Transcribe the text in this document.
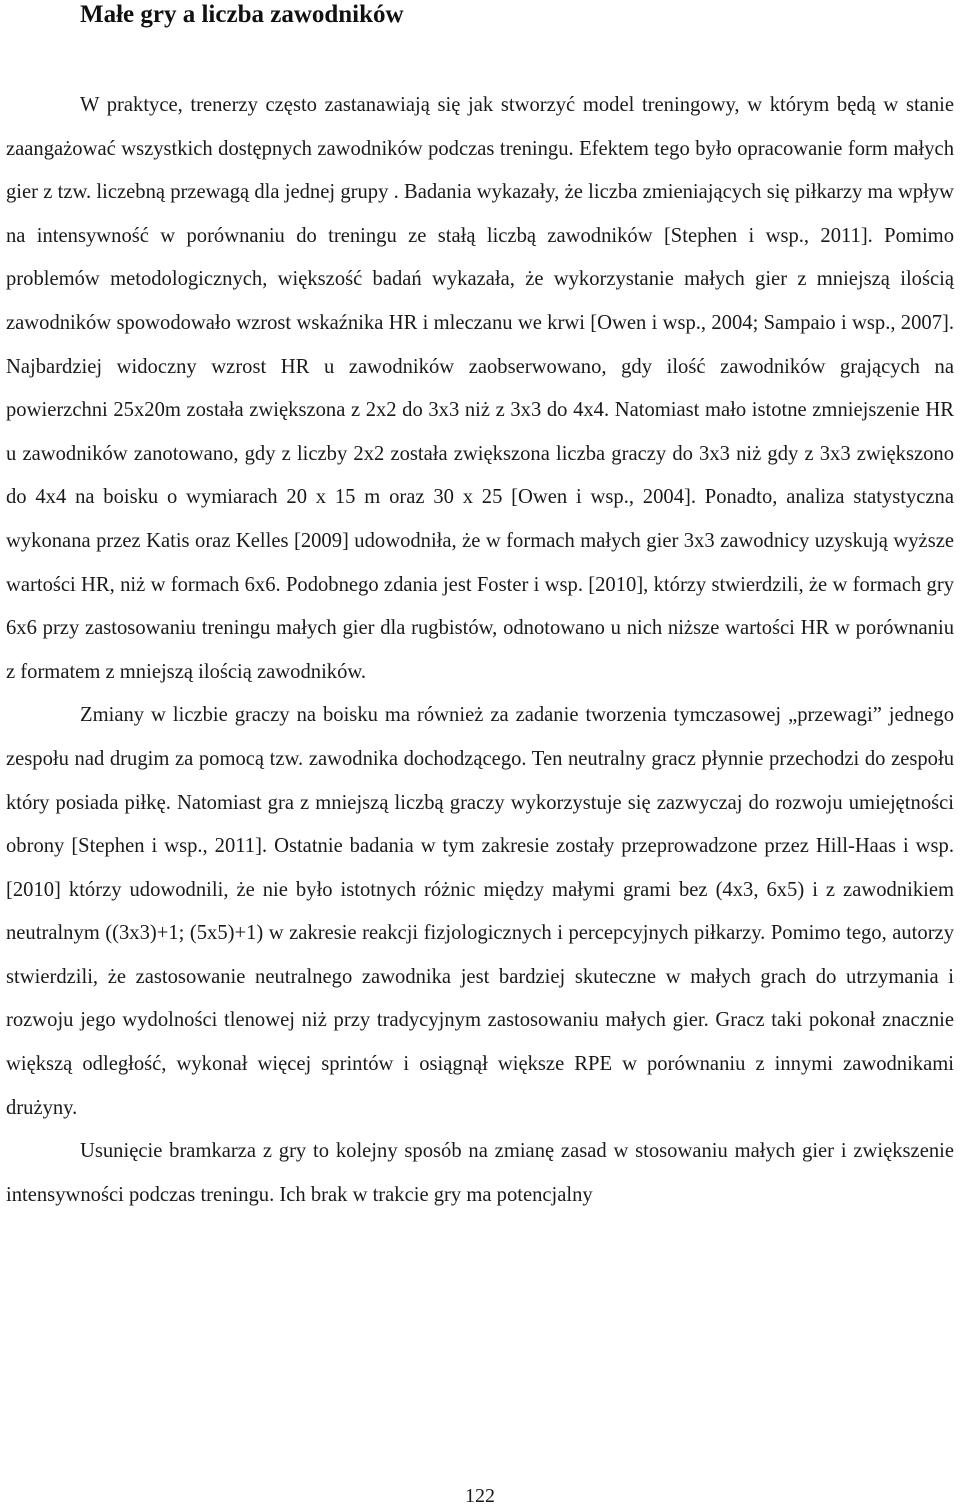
Małe gry a liczba zawodników

W praktyce, trenerzy często zastanawiają się jak stworzyć model treningowy, w którym będą w stanie zaangażować wszystkich dostępnych zawodników podczas treningu. Efektem tego było opracowanie form małych gier z tzw. liczebną przewagą dla jednej grupy . Badania wykazały, że liczba zmieniających się piłkarzy ma wpływ na intensywność w porównaniu do treningu ze stałą liczbą zawodników [Stephen i wsp., 2011]. Pomimo problemów metodologicznych, większość badań wykazała, że wykorzystanie małych gier z mniejszą ilością zawodników spowodowało wzrost wskaźnika HR i mleczanu we krwi [Owen i wsp., 2004; Sampaio i wsp., 2007]. Najbardziej widoczny wzrost HR u zawodników zaobserwowano, gdy ilość zawodników grających na powierzchni 25x20m została zwiększona z 2x2 do 3x3 niż z 3x3 do 4x4. Natomiast mało istotne zmniejszenie HR u zawodników zanotowano, gdy z liczby 2x2 została zwiększona liczba graczy do 3x3 niż gdy z 3x3 zwiększono do 4x4 na boisku o wymiarach 20 x 15 m oraz 30 x 25 [Owen i wsp., 2004]. Ponadto, analiza statystyczna wykonana przez Katis oraz Kelles [2009] udowodniła, że w formach małych gier 3x3 zawodnicy uzyskują wyższe wartości HR, niż w formach 6x6. Podobnego zdania jest Foster i wsp. [2010], którzy stwierdzili, że w formach gry 6x6 przy zastosowaniu treningu małych gier dla rugbistów, odnotowano u nich niższe wartości HR w porównaniu z formatem z mniejszą ilością zawodników.

Zmiany w liczbie graczy na boisku ma również za zadanie tworzenia tymczasowej „przewagi” jednego zespołu nad drugim za pomocą tzw. zawodnika dochodzącego. Ten neutralny gracz płynnie przechodzi do zespołu który posiada piłkę. Natomiast gra z mniejszą liczbą graczy wykorzystuje się zazwyczaj do rozwoju umiejętności obrony [Stephen i wsp., 2011]. Ostatnie badania w tym zakresie zostały przeprowadzone przez Hill-Haas i wsp. [2010] którzy udowodnili, że nie było istotnych różnic między małymi grami bez (4x3, 6x5) i z zawodnikiem neutralnym ((3x3)+1; (5x5)+1) w zakresie reakcji fizjologicznych i percepcyjnych piłkarzy. Pomimo tego, autorzy stwierdzili, że zastosowanie neutralnego zawodnika jest bardziej skuteczne w małych grach do utrzymania i rozwoju jego wydolności tlenowej niż przy tradycyjnym zastosowaniu małych gier. Gracz taki pokonał znacznie większą odległość, wykonał więcej sprintów i osiągnął większe RPE w porównaniu z innymi zawodnikami drużyny.

Usunięcie bramkarza z gry to kolejny sposób na zmianę zasad w stosowaniu małych gier i zwiększenie intensywności podczas treningu. Ich brak w trakcie gry ma potencjalny

122
